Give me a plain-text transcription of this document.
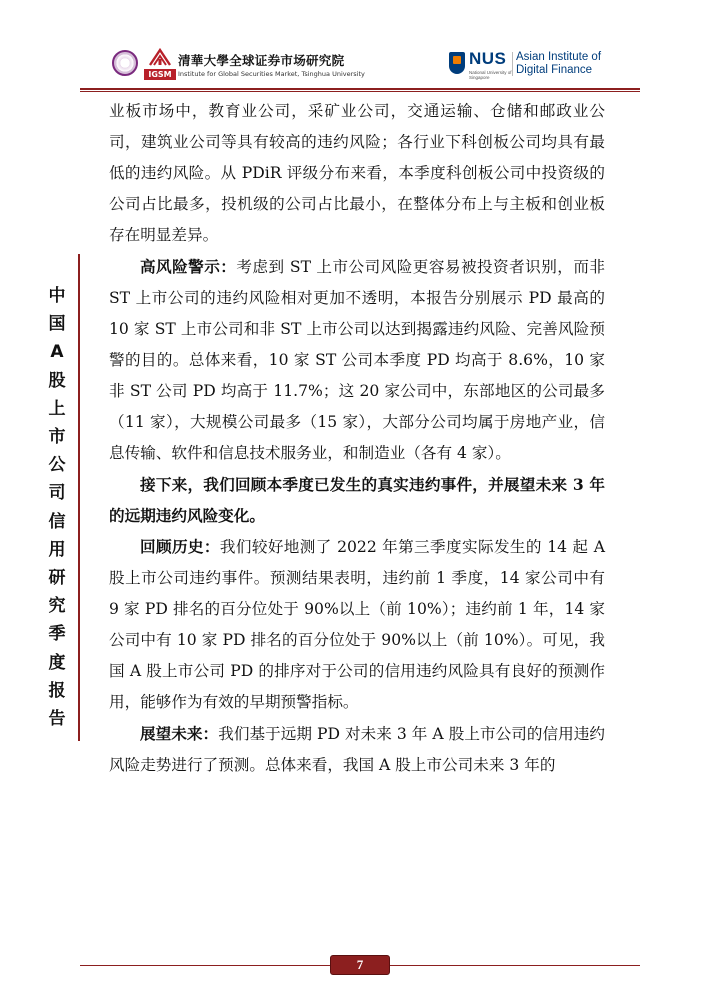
IGSM
清華大學全球证券市场研究院
Institute for Global Securities Market, Tsinghua University
NUS
National University of Singapore
Asian Institute of
Digital Finance
中
国
A
股
上
市
公
司
信
用
研
究
季
度
报
告

业板市场中，教育业公司，采矿业公司，交通运输、仓储和邮政业公司，建筑业公司等具有较高的违约风险；各行业下科创板公司均具有最低的违约风险。从 PDiR 评级分布来看，本季度科创板公司中投资级的公司占比最多，投机级的公司占比最小，在整体分布上与主板和创业板存在明显差异。

高风险警示：考虑到 ST 上市公司风险更容易被投资者识别，而非 ST 上市公司的违约风险相对更加不透明，本报告分别展示 PD 最高的 10 家 ST 上市公司和非 ST 上市公司以达到揭露违约风险、完善风险预警的目的。总体来看，10 家 ST 公司本季度 PD 均高于 8.6%，10 家非 ST 公司 PD 均高于 11.7%；这 20 家公司中，东部地区的公司最多（11 家），大规模公司最多（15 家），大部分公司均属于房地产业，信息传输、软件和信息技术服务业，和制造业（各有 4 家）。

接下来，我们回顾本季度已发生的真实违约事件，并展望未来 3 年的远期违约风险变化。

回顾历史：我们较好地测了 2022 年第三季度实际发生的 14 起 A 股上市公司违约事件。预测结果表明，违约前 1 季度，14 家公司中有 9 家 PD 排名的百分位处于 90%以上（前 10%）；违约前 1 年，14 家公司中有 10 家 PD 排名的百分位处于 90%以上（前 10%）。可见，我国 A 股上市公司 PD 的排序对于公司的信用违约风险具有良好的预测作用，能够作为有效的早期预警指标。

展望未来：我们基于远期 PD 对未来 3 年 A 股上市公司的信用违约风险走势进行了预测。总体来看，我国 A 股上市公司未来 3 年的

7
